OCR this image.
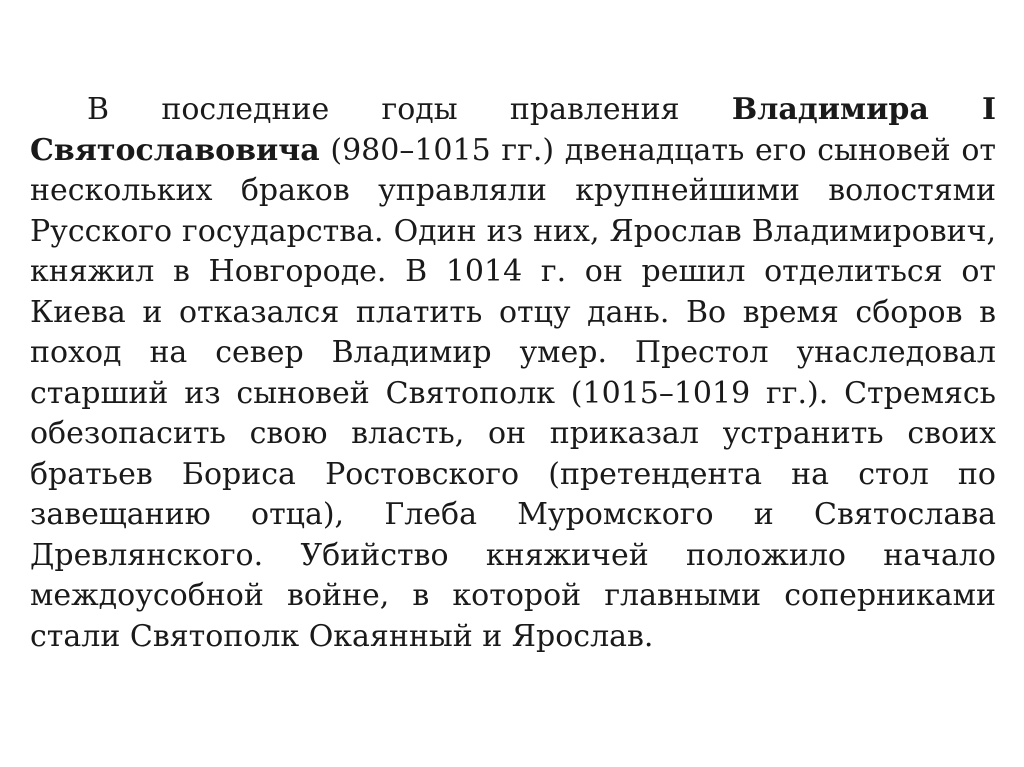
В последние годы правления Владимира I Святославовича (980–1015 гг.) двенадцать его сыновей от нескольких браков управляли крупнейшими волостями Русского государства. Один из них, Ярослав Владимирович, княжил в Новгороде. В 1014 г. он решил отделиться от Киева и отказался платить отцу дань. Во время сборов в поход на север Владимир умер. Престол унаследовал старший из сыновей Святополк (1015–1019 гг.). Стремясь обезопасить свою власть, он приказал устранить своих братьев Бориса Ростовского (претендента на стол по завещанию отца), Глеба Муромского и Святослава Древлянского. Убийство княжичей положило начало междоусобной войне, в которой главными соперниками стали Святополк Окаянный и Ярослав.
